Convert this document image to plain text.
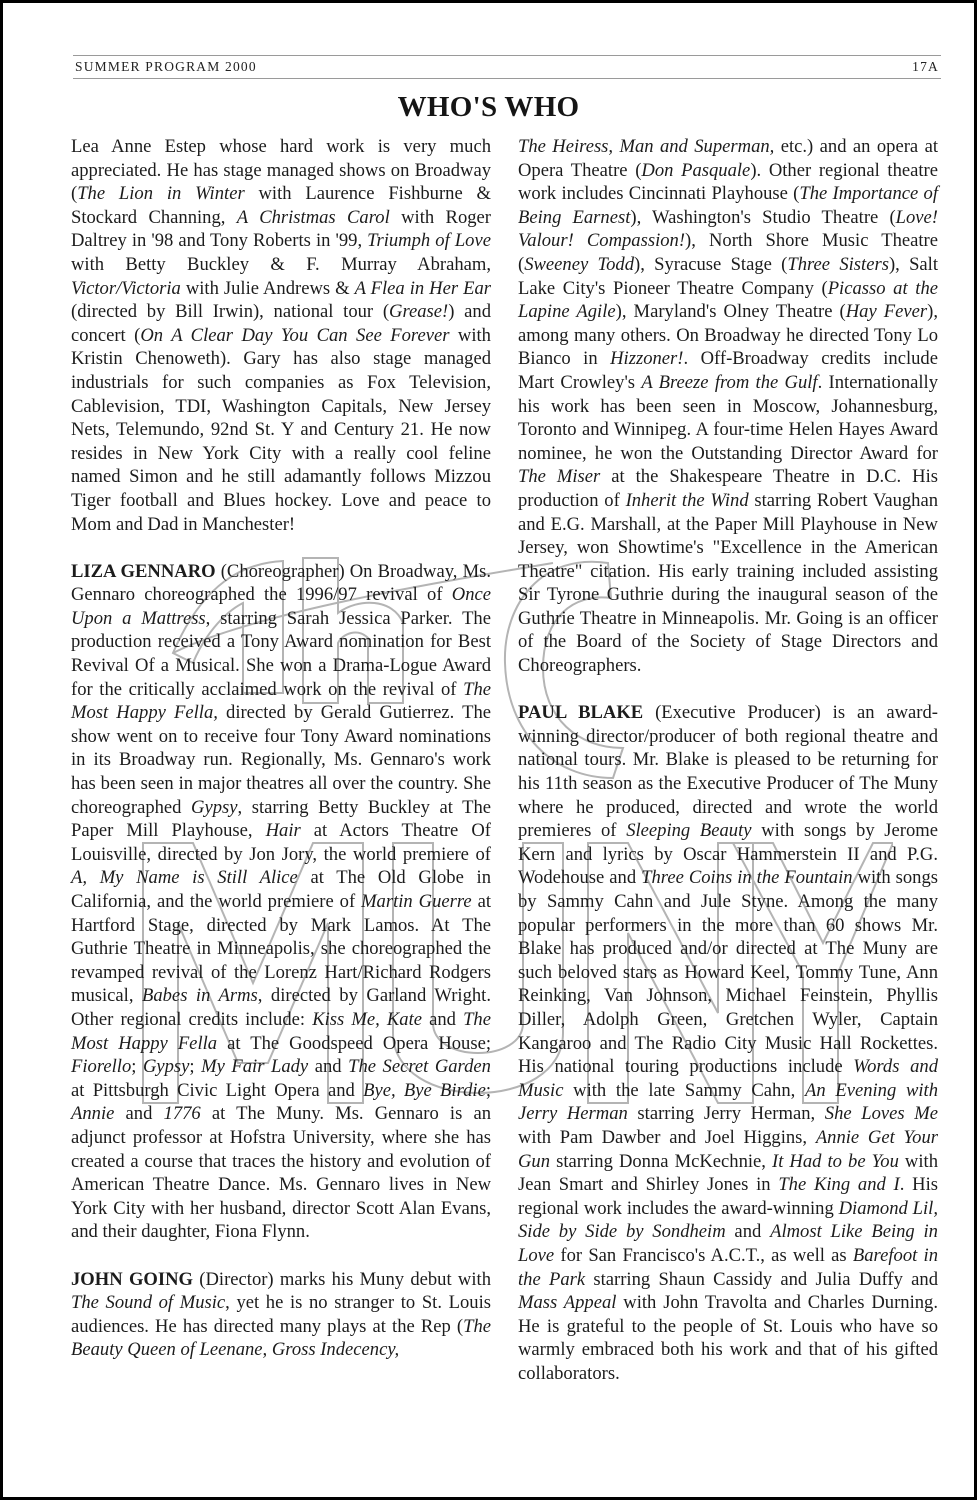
SUMMER PROGRAM 2000	17A
WHO'S WHO

Lea Anne Estep whose hard work is very much appreciated. He has stage managed shows on Broadway (The Lion in Winter with Laurence Fishburne & Stockard Channing, A Christmas Carol with Roger Daltrey in '98 and Tony Roberts in '99, Triumph of Love with Betty Buckley & F. Murray Abraham, Victor/Victoria with Julie Andrews & A Flea in Her Ear (directed by Bill Irwin), national tour (Grease!) and concert (On A Clear Day You Can See Forever with Kristin Chenoweth). Gary has also stage managed industrials for such companies as Fox Television, Cablevision, TDI, Washington Capitals, New Jersey Nets, Telemundo, 92nd St. Y and Century 21. He now resides in New York City with a really cool feline named Simon and he still adamantly follows Mizzou Tiger football and Blues hockey. Love and peace to Mom and Dad in Manchester!

LIZA GENNARO (Choreographer) On Broadway, Ms. Gennaro choreographed the 1996/97 revival of Once Upon a Mattress, starring Sarah Jessica Parker. The production received a Tony Award nomination for Best Revival Of a Musical. She won a Drama-Logue Award for the critically acclaimed work on the revival of The Most Happy Fella, directed by Gerald Gutierrez. The show went on to receive four Tony Award nominations in its Broadway run. Regionally, Ms. Gennaro's work has been seen in major theatres all over the country. She choreographed Gypsy, starring Betty Buckley at The Paper Mill Playhouse, Hair at Actors Theatre Of Louisville, directed by Jon Jory, the world premiere of A, My Name is Still Alice at The Old Globe in California, and the world premiere of Martin Guerre at Hartford Stage, directed by Mark Lamos. At The Guthrie Theatre in Minneapolis, she choreographed the revamped revival of the Lorenz Hart/Richard Rodgers musical, Babes in Arms, directed by Garland Wright. Other regional credits include: Kiss Me, Kate and The Most Happy Fella at The Goodspeed Opera House; Fiorello; Gypsy; My Fair Lady and The Secret Garden at Pittsburgh Civic Light Opera and Bye, Bye Birdie; Annie and 1776 at The Muny. Ms. Gennaro is an adjunct professor at Hofstra University, where she has created a course that traces the history and evolution of American Theatre Dance. Ms. Gennaro lives in New York City with her husband, director Scott Alan Evans, and their daughter, Fiona Flynn.

JOHN GOING (Director) marks his Muny debut with The Sound of Music, yet he is no stranger to St. Louis audiences. He has directed many plays at the Rep (The Beauty Queen of Leenane, Gross Indecency,

The Heiress, Man and Superman, etc.) and an opera at Opera Theatre (Don Pasquale). Other regional theatre work includes Cincinnati Playhouse (The Importance of Being Earnest), Washington's Studio Theatre (Love! Valour! Compassion!), North Shore Music Theatre (Sweeney Todd), Syracuse Stage (Three Sisters), Salt Lake City's Pioneer Theatre Company (Picasso at the Lapine Agile), Maryland's Olney Theatre (Hay Fever), among many others. On Broadway he directed Tony Lo Bianco in Hizzoner!. Off-Broadway credits include Mart Crowley's A Breeze from the Gulf. Internationally his work has been seen in Moscow, Johannesburg, Toronto and Winnipeg. A four-time Helen Hayes Award nominee, he won the Outstanding Director Award for The Miser at the Shakespeare Theatre in D.C. His production of Inherit the Wind starring Robert Vaughan and E.G. Marshall, at the Paper Mill Playhouse in New Jersey, won Showtime's "Excellence in the American Theatre" citation. His early training included assisting Sir Tyrone Guthrie during the inaugural season of the Guthrie Theatre in Minneapolis. Mr. Going is an officer of the Board of the Society of Stage Directors and Choreographers.

PAUL BLAKE (Executive Producer) is an award-winning director/producer of both regional theatre and national tours. Mr. Blake is pleased to be returning for his 11th season as the Executive Producer of The Muny where he produced, directed and wrote the world premieres of Sleeping Beauty with songs by Jerome Kern and lyrics by Oscar Hammerstein II and P.G. Wodehouse and Three Coins in the Fountain with songs by Sammy Cahn and Jule Styne. Among the many popular performers in the more than 60 shows Mr. Blake has produced and/or directed at The Muny are such beloved stars as Howard Keel, Tommy Tune, Ann Reinking, Van Johnson, Michael Feinstein, Phyllis Diller, Adolph Green, Gretchen Wyler, Captain Kangaroo and The Radio City Music Hall Rockettes. His national touring productions include Words and Music with the late Sammy Cahn, An Evening with Jerry Herman starring Jerry Herman, She Loves Me with Pam Dawber and Joel Higgins, Annie Get Your Gun starring Donna McKechnie, It Had to be You with Jean Smart and Shirley Jones in The King and I. His regional work includes the award-winning Diamond Lil, Side by Side by Sondheim and Almost Like Being in Love for San Francisco's A.C.T., as well as Barefoot in the Park starring Shaun Cassidy and Julia Duffy and Mass Appeal with John Travolta and Charles Durning. He is grateful to the people of St. Louis who have so warmly embraced both his work and that of his gifted collaborators.
